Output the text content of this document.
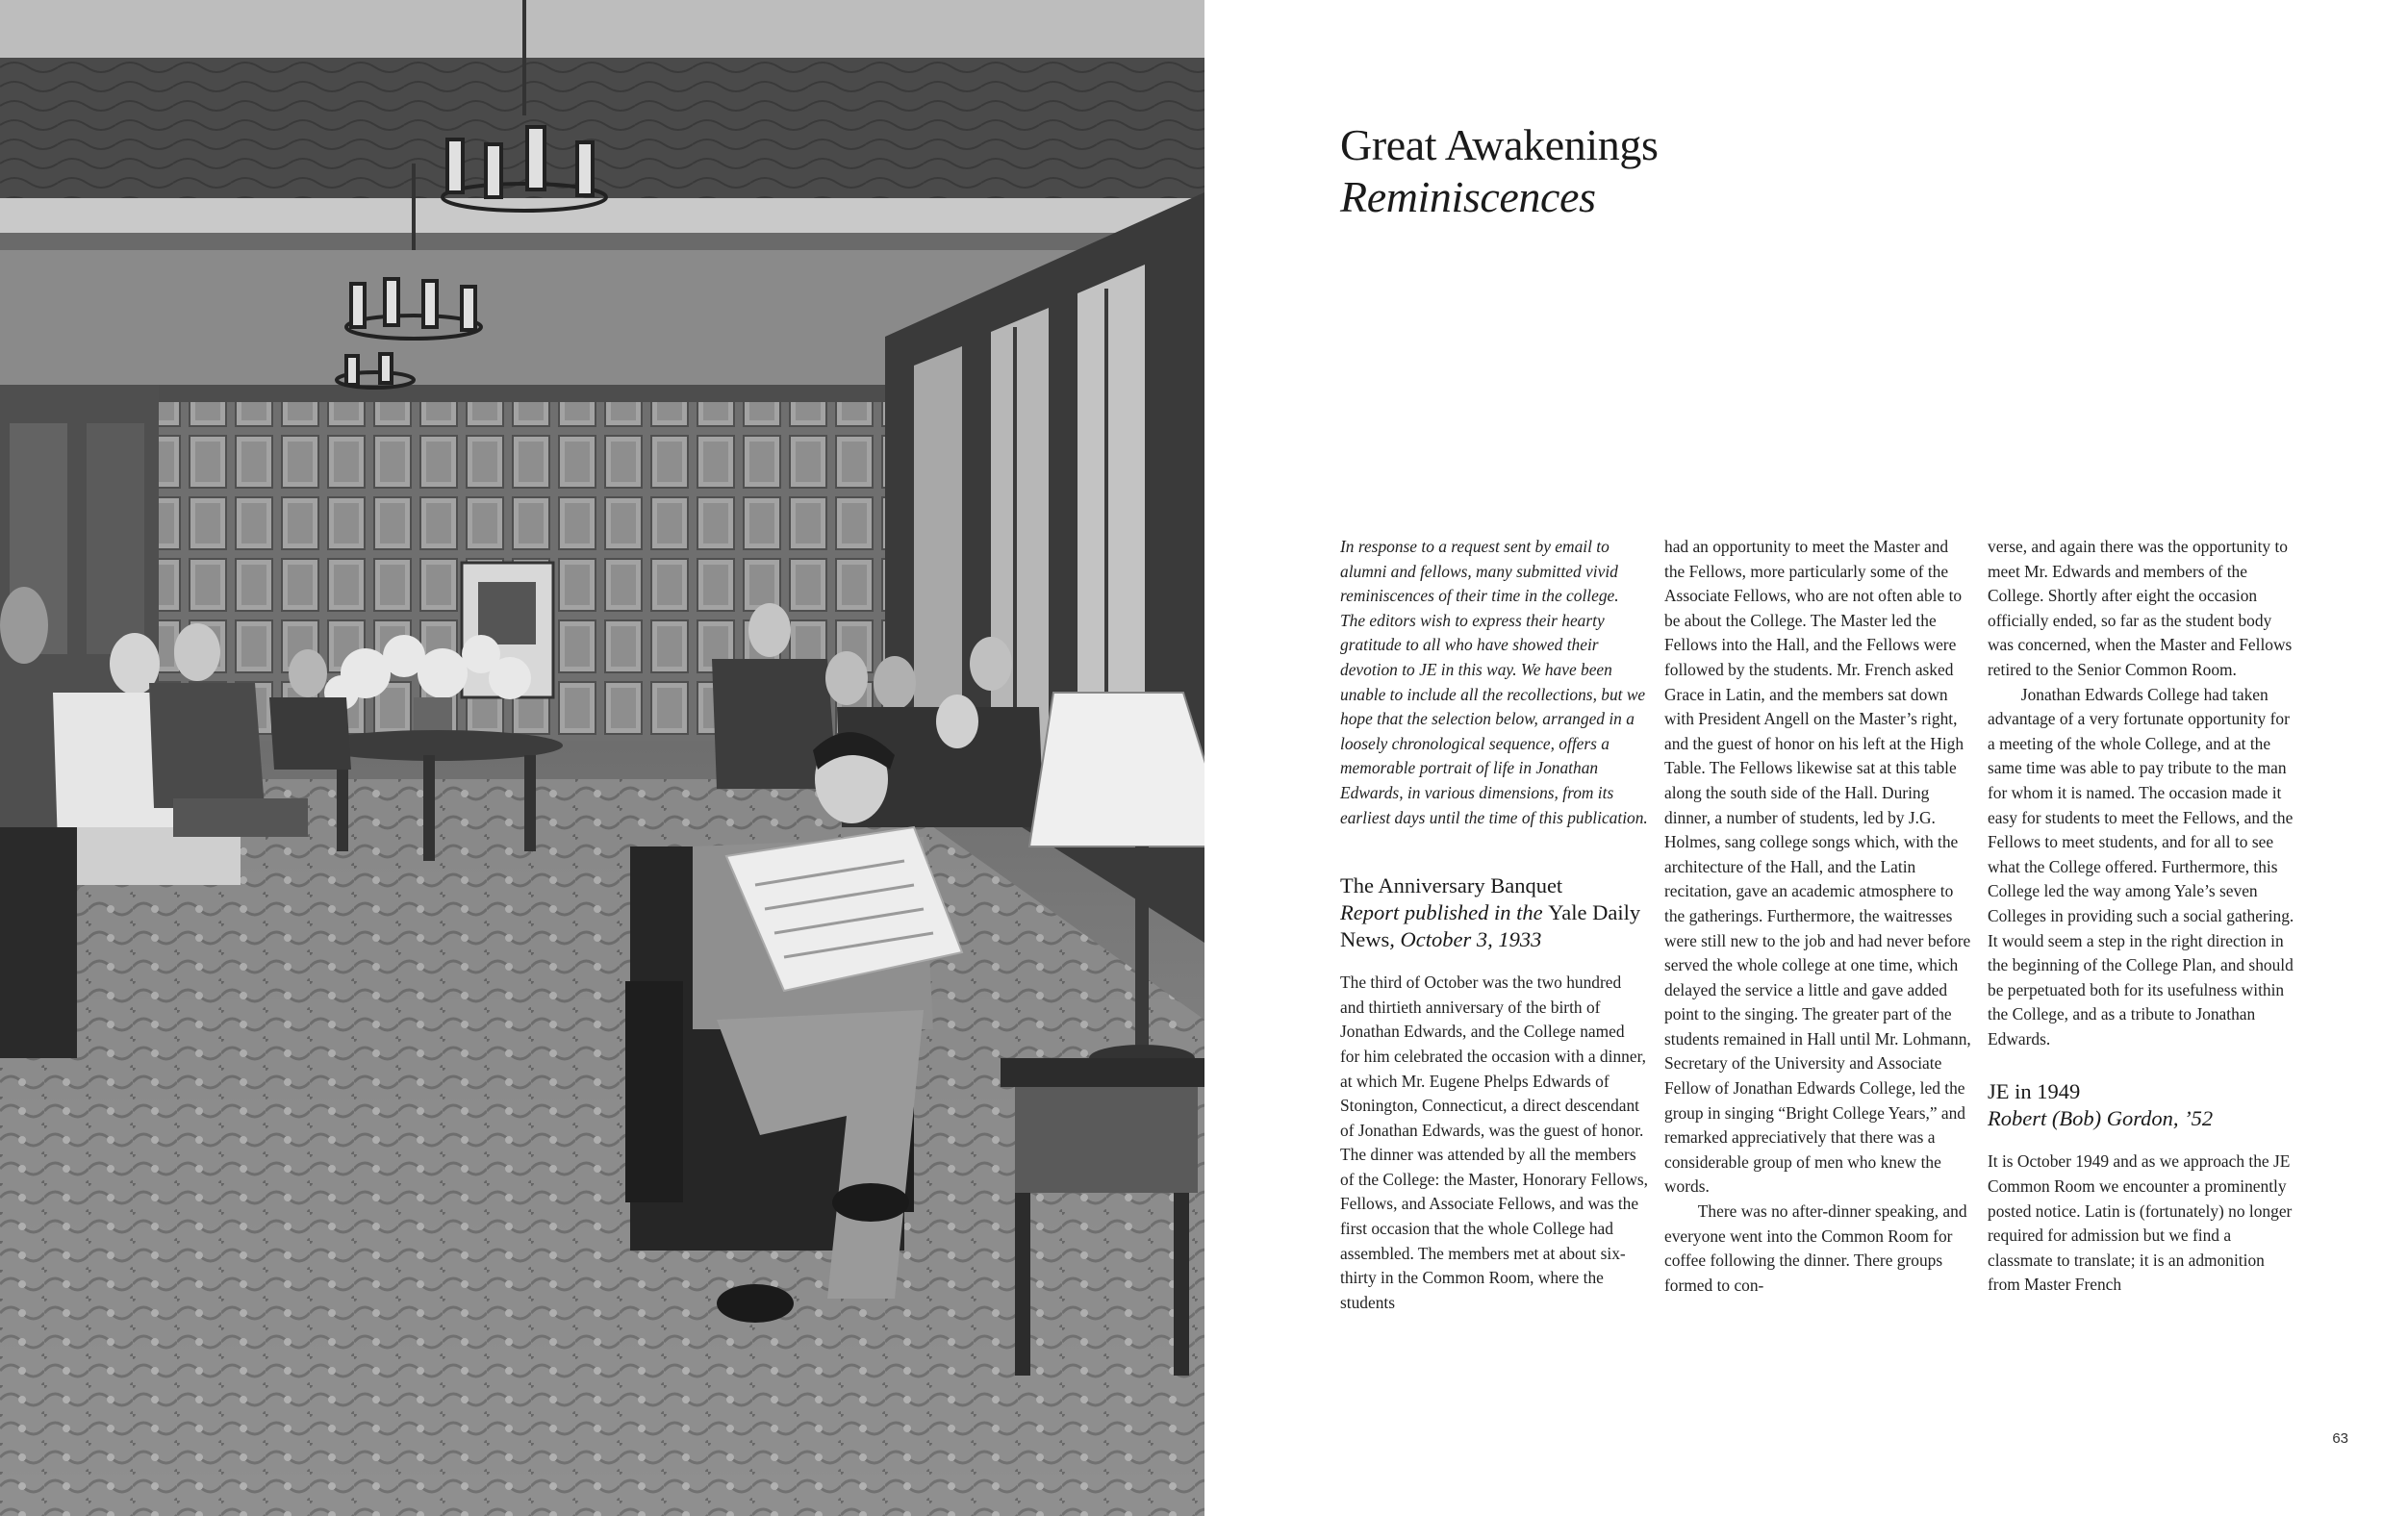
Great Awakenings
Reminiscences

In response to a request sent by email to alumni and fellows, many submitted vivid reminiscences of their time in the college. The editors wish to express their hearty gratitude to all who have showed their devotion to JE in this way. We have been unable to include all the recollections, but we hope that the selection below, arranged in a loosely chronological sequence, offers a memorable portrait of life in Jonathan Edwards, in various dimensions, from its earliest days until the time of this publication.

The Anniversary Banquet
Report published in the Yale Daily News, October 3, 1933

The third of October was the two hundred and thirtieth anniversary of the birth of Jonathan Edwards, and the College named for him celebrated the occasion with a dinner, at which Mr. Eugene Phelps Edwards of Stonington, Connecticut, a direct descendant of Jonathan Edwards, was the guest of honor. The dinner was attended by all the members of the College: the Master, Honorary Fellows, Fellows, and Associate Fellows, and was the first occasion that the whole College had assembled. The members met at about six-thirty in the Common Room, where the students

had an opportunity to meet the Master and the Fellows, more particularly some of the Associate Fellows, who are not often able to be about the College. The Master led the Fellows into the Hall, and the Fellows were followed by the students. Mr. French asked Grace in Latin, and the members sat down with President Angell on the Master’s right, and the guest of honor on his left at the High Table. The Fellows likewise sat at this table along the south side of the Hall. During dinner, a number of students, led by J.G. Holmes, sang college songs which, with the architecture of the Hall, and the Latin recitation, gave an academic atmosphere to the gatherings. Furthermore, the waitresses were still new to the job and had never before served the whole college at one time, which delayed the service a little and gave added point to the singing. The greater part of the students remained in Hall until Mr. Lohmann, Secretary of the University and Associate Fellow of Jonathan Edwards College, led the group in singing “Bright College Years,” and remarked appreciatively that there was a considerable group of men who knew the words.

There was no after-dinner speaking, and everyone went into the Common Room for coffee following the dinner. There groups formed to con-

verse, and again there was the opportunity to meet Mr. Edwards and members of the College. Shortly after eight the occasion officially ended, so far as the student body was concerned, when the Master and Fellows retired to the Senior Common Room.

Jonathan Edwards College had taken advantage of a very fortunate opportunity for a meeting of the whole College, and at the same time was able to pay tribute to the man for whom it is named. The occasion made it easy for students to meet the Fellows, and the Fellows to meet students, and for all to see what the College offered. Furthermore, this College led the way among Yale’s seven Colleges in providing such a social gathering. It would seem a step in the right direction in the beginning of the College Plan, and should be perpetuated both for its usefulness within the College, and as a tribute to Jonathan Edwards.

JE in 1949
Robert (Bob) Gordon, ’52

It is October 1949 and as we approach the JE Common Room we encounter a prominently posted notice. Latin is (fortunately) no longer required for admission but we find a classmate to translate; it is an admonition from Master French

63
